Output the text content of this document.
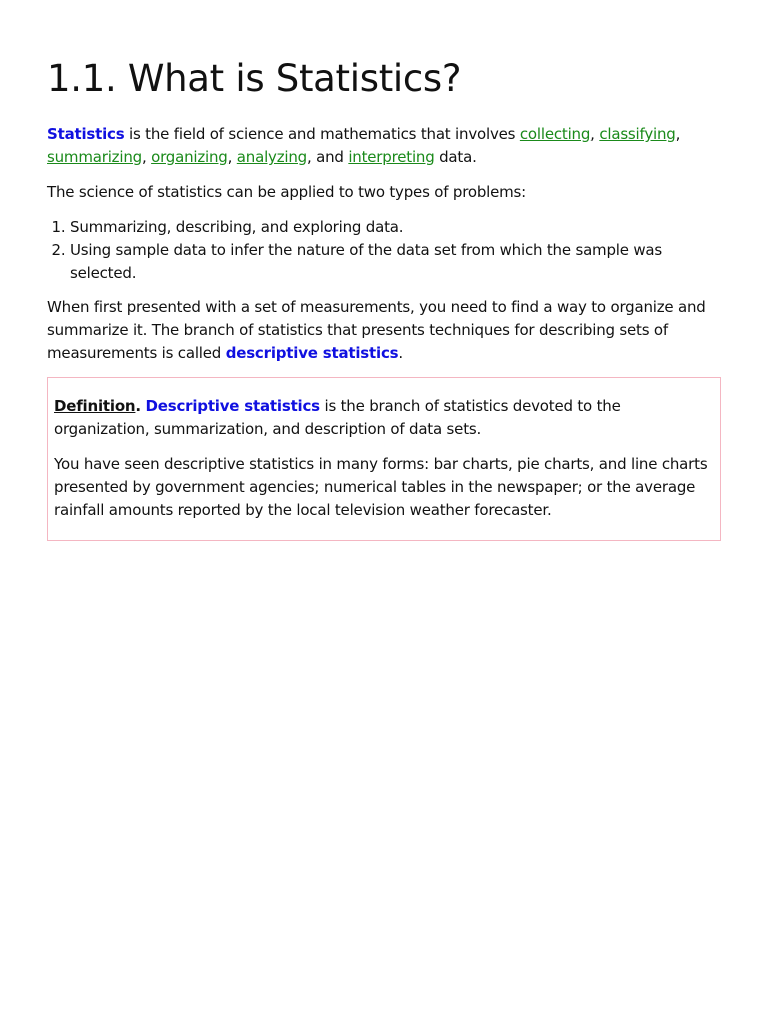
1.1. What is Statistics?

Statistics is the field of science and mathematics that involves collecting, classifying, summarizing, organizing, analyzing, and interpreting data.

The science of statistics can be applied to two types of problems:

1. Summarizing, describing, and exploring data.
2. Using sample data to infer the nature of the data set from which the sample was selected.

When first presented with a set of measurements, you need to find a way to organize and summarize it. The branch of statistics that presents techniques for describing sets of measurements is called descriptive statistics.

Definition. Descriptive statistics is the branch of statistics devoted to the organization, summarization, and description of data sets.

You have seen descriptive statistics in many forms: bar charts, pie charts, and line charts presented by government agencies; numerical tables in the newspaper; or the average rainfall amounts reported by the local television weather forecaster.
